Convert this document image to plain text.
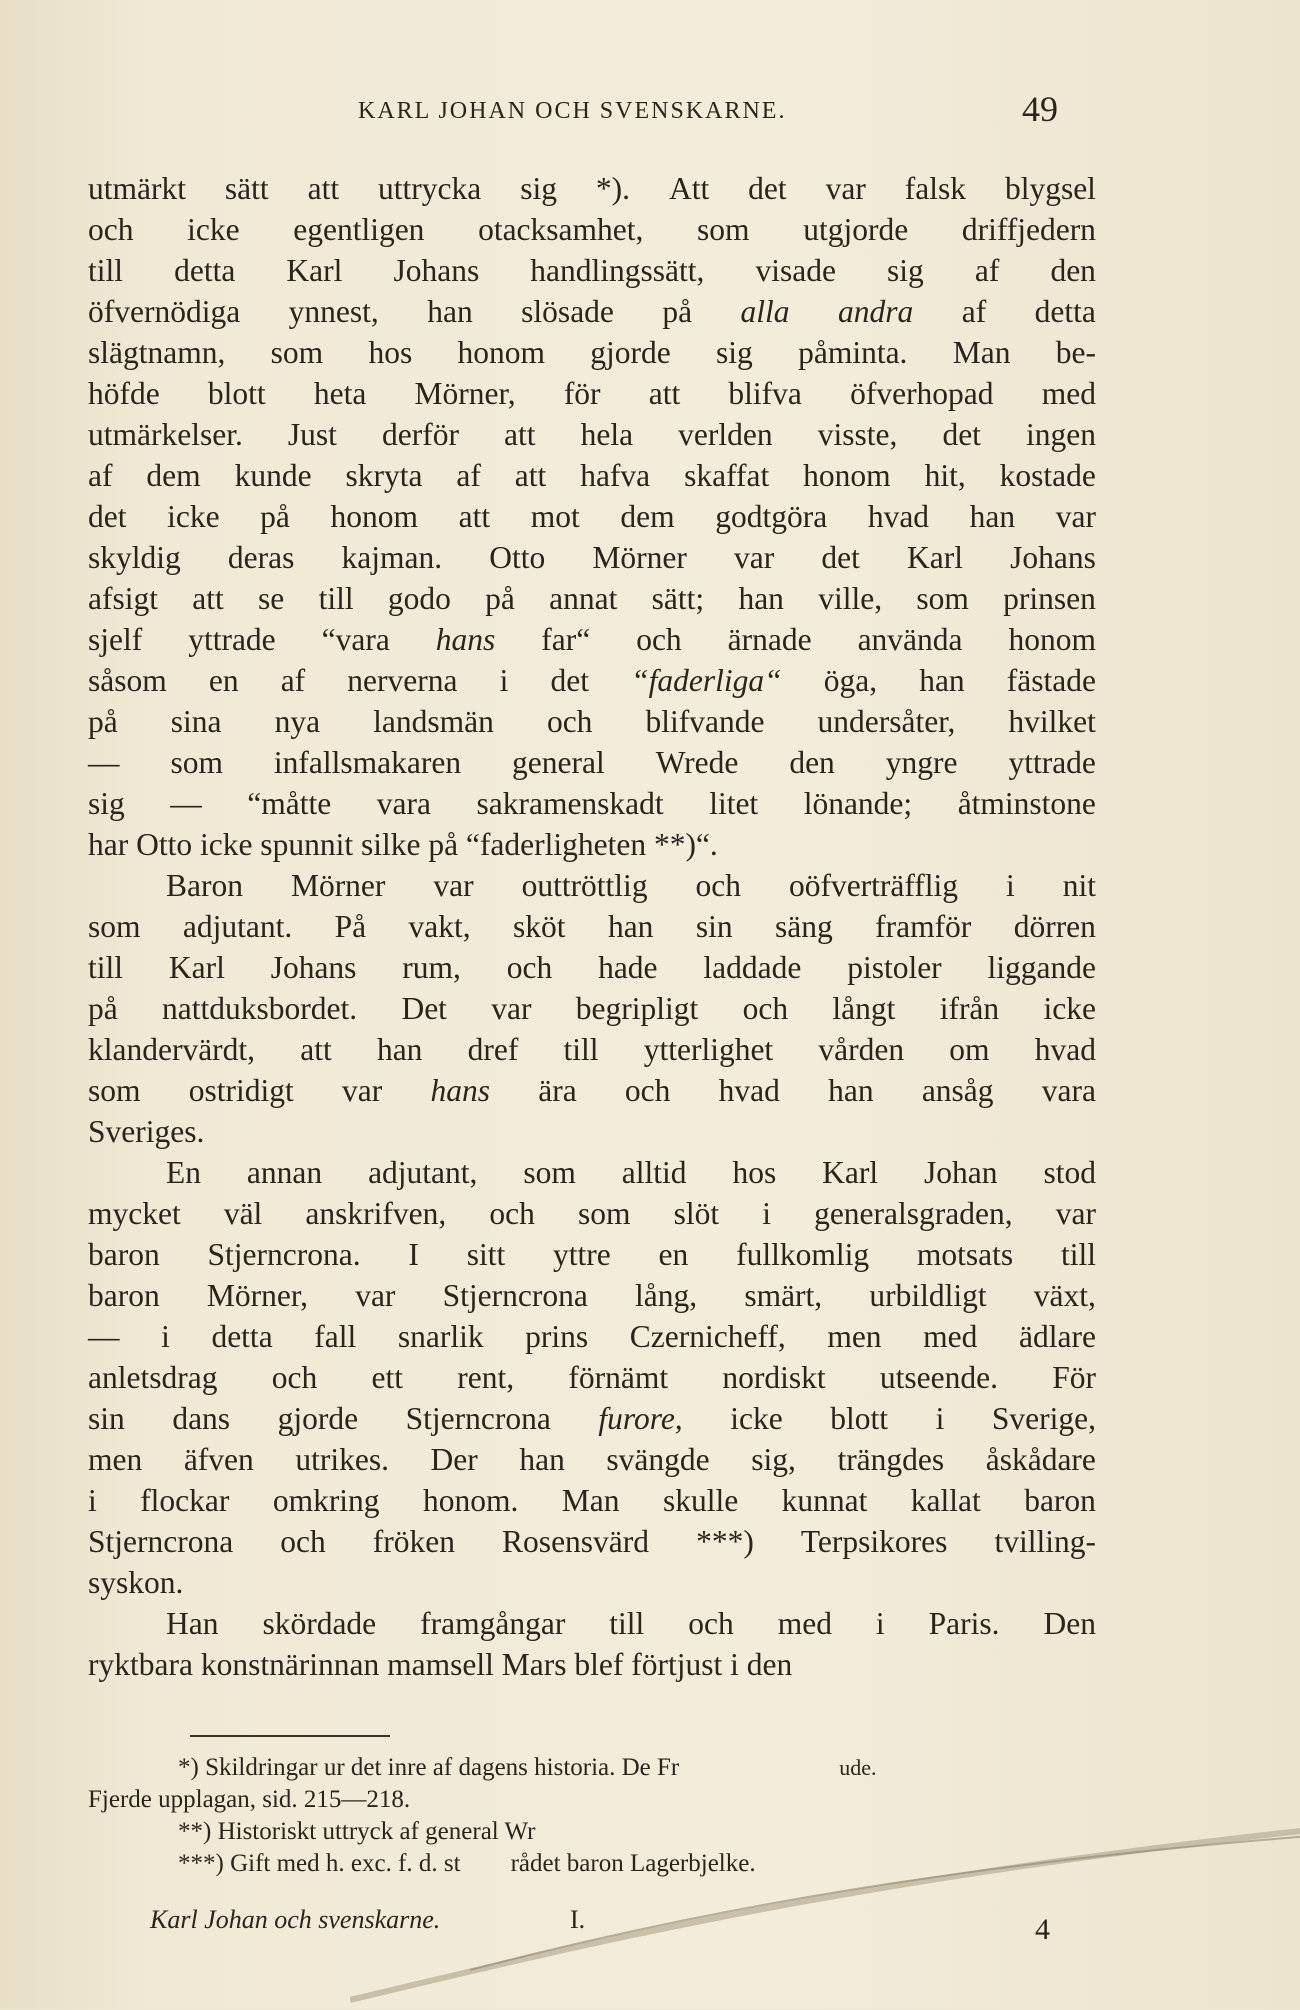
KARL JOHAN OCH SVENSKARNE.	49
utmärkt sätt att uttrycka sig *). Att det var falsk blygsel
och icke egentligen otacksamhet, som utgjorde driffjedern
till detta Karl Johans handlingssätt, visade sig af den
öfvernödiga ynnest, han slösade på alla andra af detta
slägtnamn, som hos honom gjorde sig påminta. Man be-
höfde blott heta Mörner, för att blifva öfverhopad med
utmärkelser. Just derför att hela verlden visste, det ingen
af dem kunde skryta af att hafva skaffat honom hit, kostade
det icke på honom att mot dem godtgöra hvad han var
skyldig deras kajman. Otto Mörner var det Karl Johans
afsigt att se till godo på annat sätt; han ville, som prinsen
sjelf yttrade “vara hans far“ och ärnade använda honom
såsom en af nerverna i det “faderliga“ öga, han fästade
på sina nya landsmän och blifvande undersåter, hvilket
— som infallsmakaren general Wrede den yngre yttrade
sig — “måtte vara sakramenskadt litet lönande; åtminstone
har Otto icke spunnit silke på “faderligheten **)“.
Baron Mörner var outtröttlig och oöfverträfflig i nit
som adjutant. På vakt, sköt han sin säng framför dörren
till Karl Johans rum, och hade laddade pistoler liggande
på nattduksbordet. Det var begripligt och långt ifrån icke
klandervärdt, att han dref till ytterlighet vården om hvad
som ostridigt var hans ära och hvad han ansåg vara
Sveriges.
En annan adjutant, som alltid hos Karl Johan stod
mycket väl anskrifven, och som slöt i generalsgraden, var
baron Stjerncrona. I sitt yttre en fullkomlig motsats till
baron Mörner, var Stjerncrona lång, smärt, urbildligt växt,
— i detta fall snarlik prins Czernicheff, men med ädlare
anletsdrag och ett rent, förnämt nordiskt utseende. För
sin dans gjorde Stjerncrona furore, icke blott i Sverige,
men äfven utrikes. Der han svängde sig, trängdes åskådare
i flockar omkring honom. Man skulle kunnat kallat baron
Stjerncrona och fröken Rosensvärd ***) Terpsikores tvilling-
syskon.
Han skördade framgångar till och med i Paris. Den
ryktbara konstnärinnan mamsell Mars blef förtjust i den
*) Skildringar ur det inre af dagens historia. De Fr	ude.
Fjerde upplagan, sid. 215—218.
**) Historiskt uttryck af general Wr
***) Gift med h. exc. f. d. st        rådet baron Lagerbjelke.
Karl Johan och svenskarne.	I.	4
